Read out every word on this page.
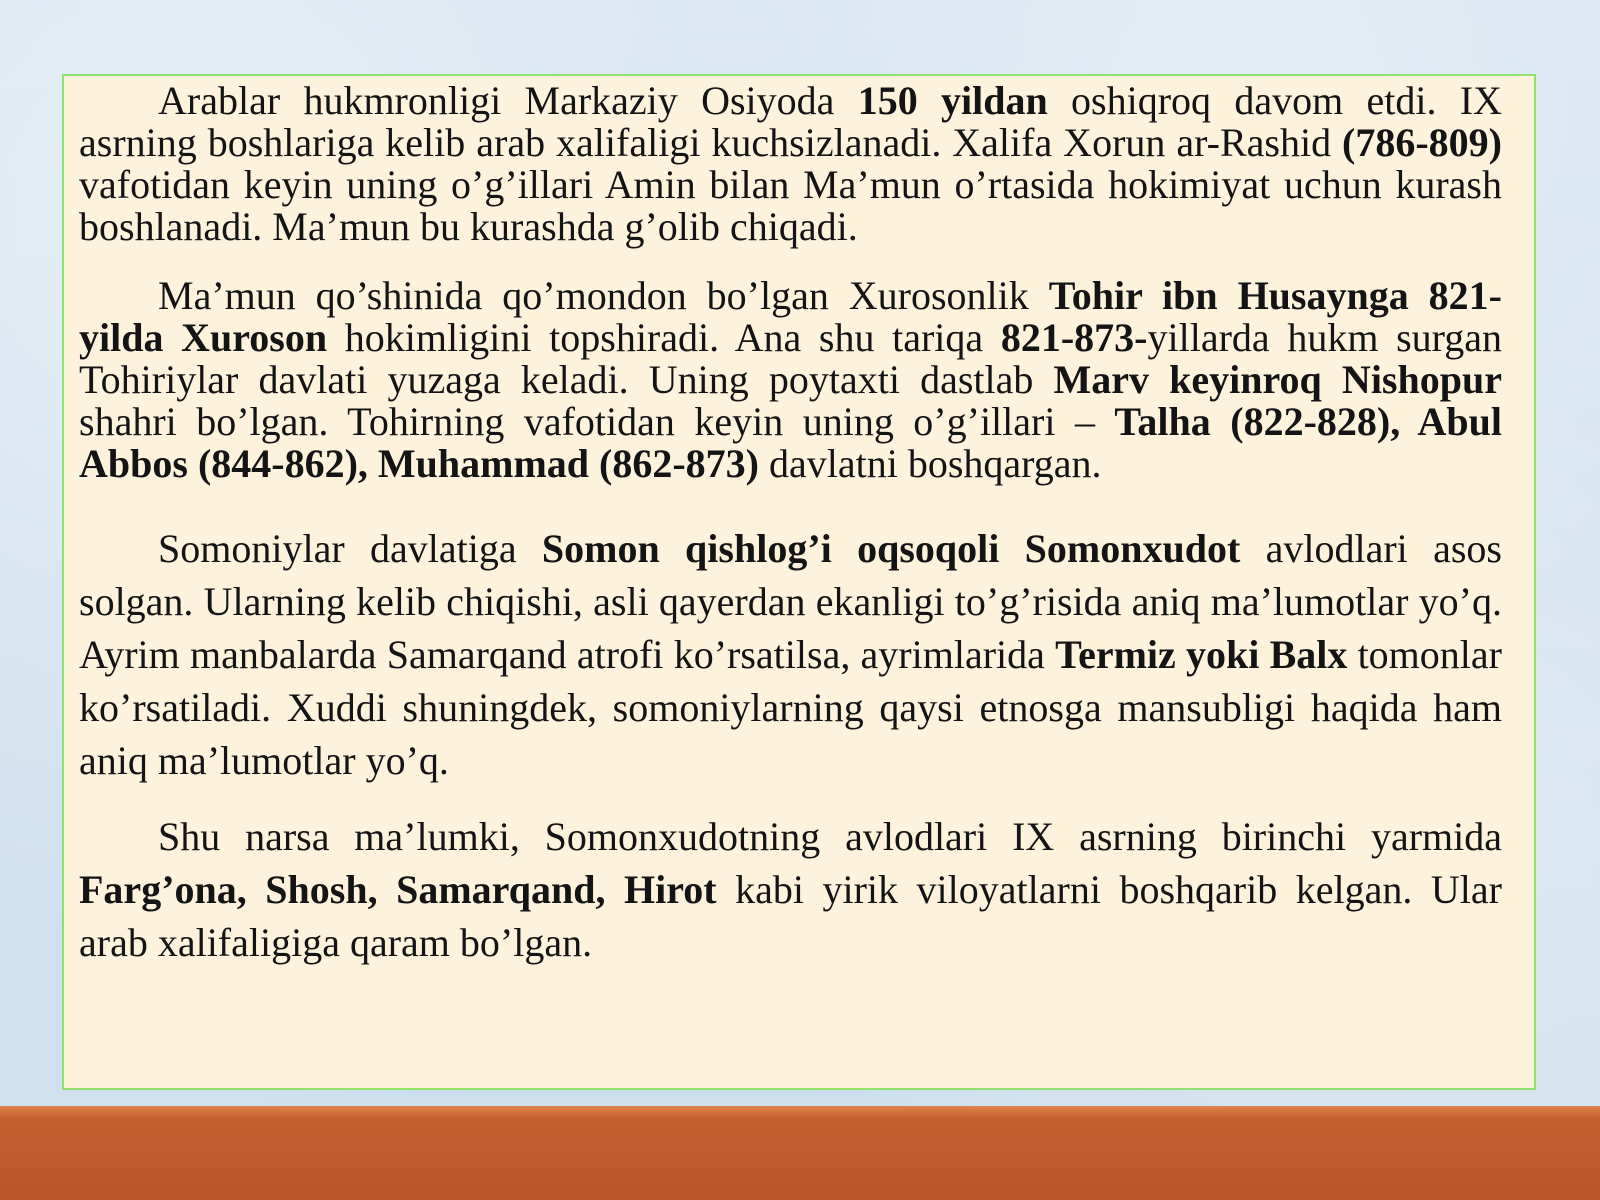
Arablar hukmronligi Markaziy Osiyoda 150 yildan oshiqroq davom etdi. IX asrning boshlariga kelib arab xalifaligi kuchsizlanadi. Xalifa Xorun ar-Rashid (786-809) vafotidan keyin uning o’g’illari Amin bilan Ma’mun o’rtasida hokimiyat uchun kurash boshlanadi. Ma’mun bu kurashda g’olib chiqadi.

Ma’mun qo’shinida qo’mondon bo’lgan Xurosonlik Tohir ibn Husaynga 821-yilda Xuroson hokimligini topshiradi. Ana shu tariqa 821-873-yillarda hukm surgan Tohiriylar davlati yuzaga keladi. Uning poytaxti dastlab Marv keyinroq Nishopur shahri bo’lgan. Tohirning vafotidan keyin uning o’g’illari – Talha (822-828), Abul Abbos (844-862), Muhammad (862-873) davlatni boshqargan.

Somoniylar davlatiga Somon qishlog’i oqsoqoli Somonxudot avlodlari asos solgan. Ularning kelib chiqishi, asli qayerdan ekanligi to’g’risida aniq ma’lumotlar yo’q. Ayrim manbalarda Samarqand atrofi ko’rsatilsa, ayrimlarida Termiz yoki Balx tomonlar ko’rsatiladi. Xuddi shuningdek, somoniylarning qaysi etnosga mansubligi haqida ham aniq ma’lumotlar yo’q.

Shu narsa ma’lumki, Somonxudotning avlodlari IX asrning birinchi yarmida Farg’ona, Shosh, Samarqand, Hirot kabi yirik viloyatlarni boshqarib kelgan. Ular arab xalifaligiga qaram bo’lgan.
